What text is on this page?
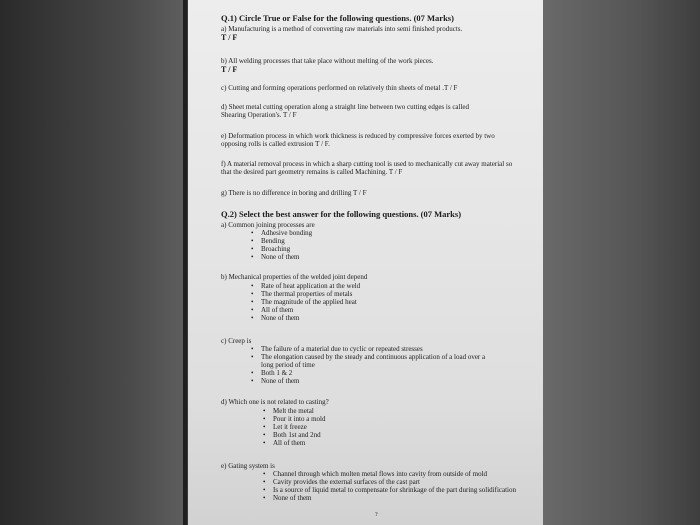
Q.1) Circle True or False for the following questions. (07 Marks)
a) Manufacturing is a method of converting raw materials into semi finished products.
T / F
b) All welding processes that take place without melting of the work pieces.
T / F
c) Cutting and forming operations performed on relatively thin sheets of metal .T / F
d) Sheet metal cutting operation along a straight line between two cutting edges is called
Shearing Operation's. T / F
e) Deformation process in which work thickness is reduced by compressive forces exerted by two
opposing rolls is called extrusion T / F.
f) A material removal process in which a sharp cutting tool is used to mechanically cut away material so
that the desired part geometry remains is called Machining. T / F
g) There is no difference in boring and drilling T / F
Q.2) Select the best answer for the following questions. (07 Marks)
a) Common joining processes are
• Adhesive bonding
• Bending
• Broaching
• None of them
b) Mechanical properties of the welded joint depend
• Rate of heat application at the weld
• The thermal properties of metals
• The magnitude of the applied heat
• All of them
• None of them
c) Creep is
• The failure of a material due to cyclic or repeated stresses
• The elongation caused by the steady and continuous application of a load over a
long period of time
• Both 1 & 2
• None of them
d) Which one is not related to casting?
• Melt the metal
• Pour it into a mold
• Let it freeze
• Both 1st and 2nd
• All of them
e) Gating system is
• Channel through which molten metal flows into cavity from outside of mold
• Cavity provides the external surfaces of the cast part
• Is a source of liquid metal to compensate for shrinkage of the part during solidification
• None of them
?
